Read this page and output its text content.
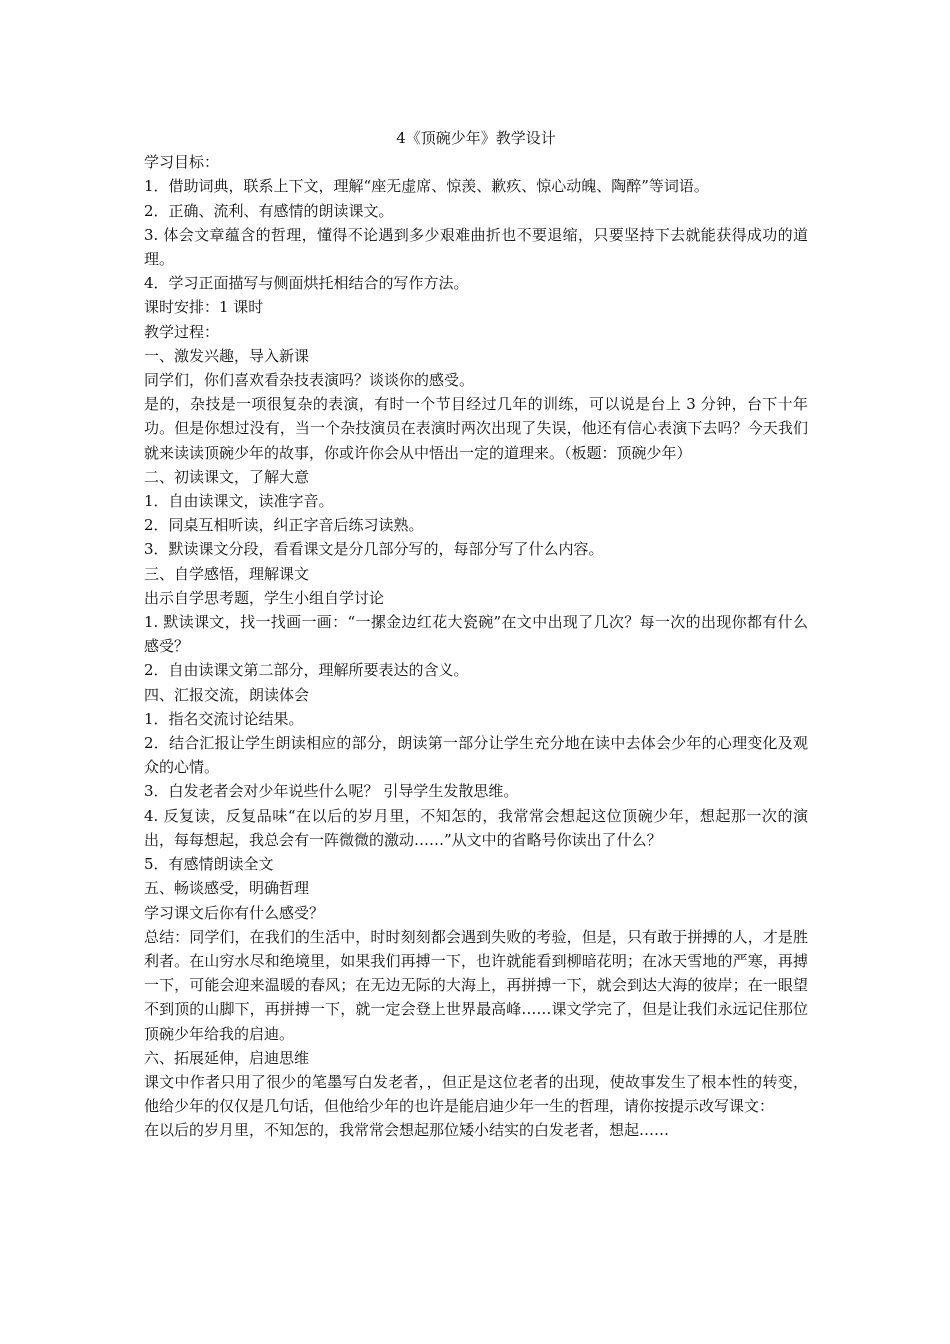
4《顶碗少年》教学设计

学习目标：

1．借助词典，联系上下文，理解“座无虚席、惊羡、歉疚、惊心动魄、陶醉”等词语。

2．正确、流利、有感情的朗读课文。

3. 体会文章蕴含的哲理，懂得不论遇到多少艰难曲折也不要退缩，只要坚持下去就能获得成功的道理。

4．学习正面描写与侧面烘托相结合的写作方法。

课时安排：1 课时

教学过程：

一、激发兴趣，导入新课

同学们，你们喜欢看杂技表演吗？谈谈你的感受。

是的，杂技是一项很复杂的表演，有时一个节目经过几年的训练，可以说是台上 3 分钟，台下十年功。但是你想过没有，当一个杂技演员在表演时两次出现了失误，他还有信心表演下去吗？今天我们就来读读顶碗少年的故事，你或许你会从中悟出一定的道理来。（板题：顶碗少年）

二、初读课文，了解大意

1．自由读课文，读准字音。

2．同桌互相听读，纠正字音后练习读熟。

3．默读课文分段，看看课文是分几部分写的，每部分写了什么内容。

三、自学感悟，理解课文

出示自学思考题，学生小组自学讨论

1. 默读课文，找一找画一画：“一摞金边红花大瓷碗”在文中出现了几次？每一次的出现你都有什么感受？

2．自由读课文第二部分，理解所要表达的含义。

四、汇报交流，朗读体会

1．指名交流讨论结果。

2．结合汇报让学生朗读相应的部分，朗读第一部分让学生充分地在读中去体会少年的心理变化及观众的心情。

3．白发老者会对少年说些什么呢？ 引导学生发散思维。

4. 反复读，反复品味“在以后的岁月里，不知怎的，我常常会想起这位顶碗少年，想起那一次的演出，每每想起，我总会有一阵微微的激动……”从文中的省略号你读出了什么？

5．有感情朗读全文

五、畅谈感受，明确哲理

学习课文后你有什么感受？

总结：同学们，在我们的生活中，时时刻刻都会遇到失败的考验，但是，只有敢于拼搏的人，才是胜利者。在山穷水尽和绝境里，如果我们再搏一下，也许就能看到柳暗花明；在冰天雪地的严寒，再搏一下，可能会迎来温暖的春风；在无边无际的大海上，再拼搏一下，就会到达大海的彼岸；在一眼望不到顶的山脚下，再拼搏一下，就一定会登上世界最高峰……课文学完了，但是让我们永远记住那位顶碗少年给我的启迪。

六、拓展延伸，启迪思维

课文中作者只用了很少的笔墨写白发老者，，但正是这位老者的出现，使故事发生了根本性的转变，他给少年的仅仅是几句话，但他给少年的也许是能启迪少年一生的哲理，请你按提示改写课文：

在以后的岁月里，不知怎的，我常常会想起那位矮小结实的白发老者，想起……
